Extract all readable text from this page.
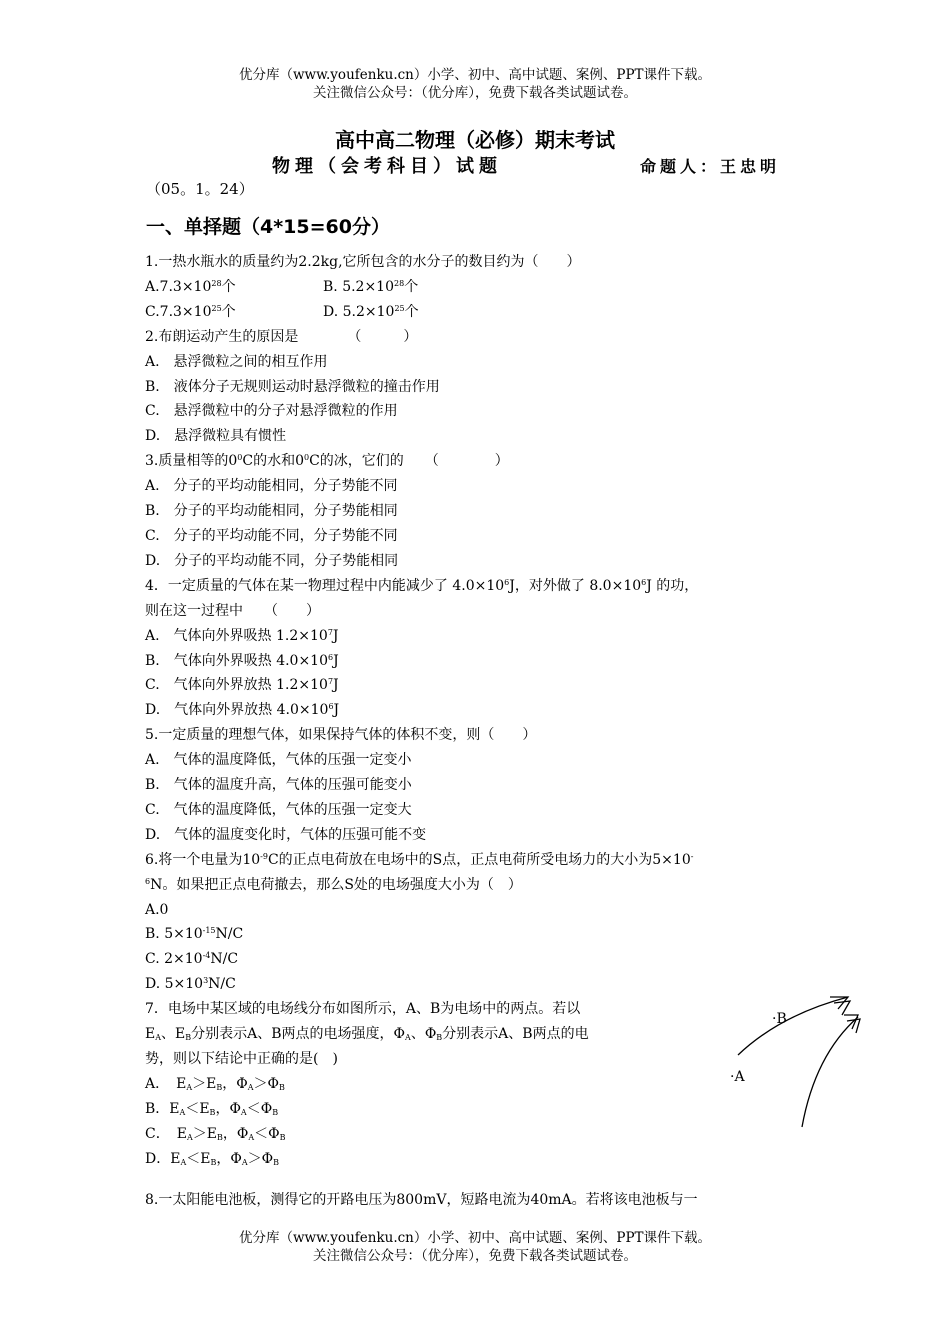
优分库（www.youfenku.cn）小学、初中、高中试题、案例、PPT课件下载。
关注微信公众号：（优分库），免费下载各类试题试卷。
高中高二物理（必修）期末考试
物理（会考科目）试题	命题人：王忠明
（05。1。24）
一、单择题（4*15=60分）
1.一热水瓶水的质量约为2.2kg,它所包含的水分子的数目约为（　　）
$A.7.3\times 10^{28}$个	B. $5.2\times 10^{28}$个
$C.7.3\times 10^{25}$个	D. $5.2\times 10^{25}$个
2.布朗运动产生的原因是　　　　（　　　）
A.　悬浮微粒之间的相互作用
B.　液体分子无规则运动时悬浮微粒的撞击作用
C.　悬浮微粒中的分子对悬浮微粒的作用
D.　悬浮微粒具有惯性
3.质量相等的$0^0C$的水和$0^0C$的冰，它们的　　（　　　　）
A.　分子的平均动能相同，分子势能不同
B.　分子的平均动能相同，分子势能相同
C.　分子的平均动能不同，分子势能不同
D.　分子的平均动能不同，分子势能相同
4．一定质量的气体在某一物理过程中内能减少了 $4.0\times 10^6J$，对外做了 $8.0\times 10^6J$ 的功，
则在这一过程中　　（　　）
A.　气体向外界吸热 $1.2\times 10^7J$
B.　气体向外界吸热 $4.0\times 10^6J$
C.　气体向外界放热 $1.2\times 10^7J$
D.　气体向外界放热 $4.0\times 10^6J$
5.一定质量的理想气体，如果保持气体的体积不变，则（　　）
A.　气体的温度降低，气体的压强一定变小
B.　气体的温度升高，气体的压强可能变小
C.　气体的温度降低，气体的压强一定变大
D.　气体的温度变化时，气体的压强可能不变
6.将一个电量为$10^{-9}C$的正点电荷放在电场中的S点，正点电荷所受电场力的大小为5×10-
$^6$N。如果把正点电荷撤去，那么S处的电场强度大小为（　）
A.0
B. $5\times 10^{-15}N/C$
C. $2\times 10^{-4}N/C$
D. $5\times 10^3N/C$
7．电场中某区域的电场线分布如图所示，A、B为电场中的两点。若以
$E_A$、$E_B$分别表示A、B两点的电场强度，$\Phi_A$、$\Phi_B$分别表示A、B两点的电
势，则以下结论中正确的是(　)
A．　 $E_A>E_B$，$\Phi_A>\Phi_B$
B．$E_A<E_B$，$\Phi_A<\Phi_B$
C．　 $E_A>E_B$，$\Phi_A<\Phi_B$
D．$E_A<E_B$，$\Phi_A>\Phi_B$
8.一太阳能电池板，测得它的开路电压为800mV，短路电流为40mA。若将该电池板与一
·B
·A
优分库（www.youfenku.cn）小学、初中、高中试题、案例、PPT课件下载。
关注微信公众号：（优分库），免费下载各类试题试卷。
